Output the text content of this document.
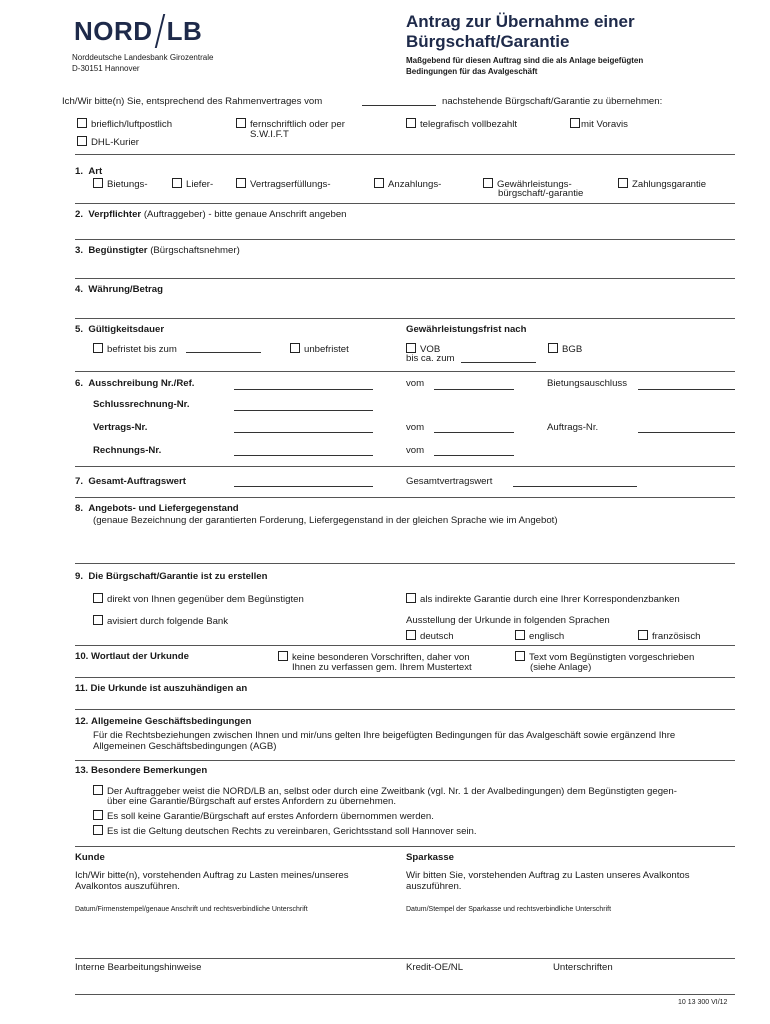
NORD LB
Norddeutsche Landesbank Girozentrale
D-30151 Hannover
Antrag zur Übernahme einer
Bürgschaft/Garantie
Maßgebend für diesen Auftrag sind die als Anlage beigefügten
Bedingungen für das Avalgeschäft
Ich/Wir bitte(n) Sie, entsprechend des Rahmenvertrages vom	nachstehende Bürgschaft/Garantie zu übernehmen:
brieflich/luftpostlich	fernschriftlich oder per
S.W.I.F.T
telegrafisch vollbezahlt	mit Voravis
DHL-Kurier
1. Art
Bietungs-	Liefer-	Vertragserfüllungs-	Anzahlungs-	Gewährleistungs-
bürgschaft/-garantie
Zahlungsgarantie
2. Verpflichter (Auftraggeber) - bitte genaue Anschrift angeben
3. Begünstigter (Bürgschaftsnehmer)
4. Währung/Betrag
5. Gültigkeitsdauer	Gewährleistungsfrist nach
befristet bis zum	unbefristet	VOB
bis ca. zum
BGB
6. Ausschreibung Nr./Ref.	vom	Bietungsauschluss
Schlussrechnung-Nr.
Vertrags-Nr.	vom	Auftrags-Nr.
Rechnungs-Nr.	vom
7. Gesamt-Auftragswert	Gesamtvertragswert
8. Angebots- und Liefergegenstand
(genaue Bezeichnung der garantierten Forderung, Liefergegenstand in der gleichen Sprache wie im Angebot)
9. Die Bürgschaft/Garantie ist zu erstellen
direkt von Ihnen gegenüber dem Begünstigten	als indirekte Garantie durch eine Ihrer Korrespondenzbanken
avisiert durch folgende Bank	Ausstellung der Urkunde in folgenden Sprachen
deutsch	englisch	französisch
10. Wortlaut der Urkunde	keine besonderen Vorschriften, daher von
Ihnen zu verfassen gem. Ihrem Mustertext
Text vom Begünstigten vorgeschrieben
(siehe Anlage)
11. Die Urkunde ist auszuhändigen an
12. Allgemeine Geschäftsbedingungen
Für die Rechtsbeziehungen zwischen Ihnen und mir/uns gelten Ihre beigefügten Bedingungen für das Avalgeschäft sowie ergänzend Ihre
Allgemeinen Geschäftsbedingungen (AGB)
13. Besondere Bemerkungen
Der Auftraggeber weist die NORD/LB an, selbst oder durch eine Zweitbank (vgl. Nr. 1 der Avalbedingungen) dem Begünstigten gegen-
über eine Garantie/Bürgschaft auf erstes Anfordern zu übernehmen.
Es soll keine Garantie/Bürgschaft auf erstes Anfordern übernommen werden.
Es ist die Geltung deutschen Rechts zu vereinbaren, Gerichtsstand soll Hannover sein.
Kunde	Sparkasse
Ich/Wir bitte(n), vorstehenden Auftrag zu Lasten meines/unseres
Avalkontos auszuführen.
Wir bitten Sie, vorstehenden Auftrag zu Lasten unseres Avalkontos
auszuführen.
Datum/Firmenstempel/genaue Anschrift und rechtsverbindliche Unterschrift	Datum/Stempel der Sparkasse und rechtsverbindliche Unterschrift
Interne Bearbeitungshinweise	Kredit-OE/NL	Unterschriften
10 13 300 VI/12
